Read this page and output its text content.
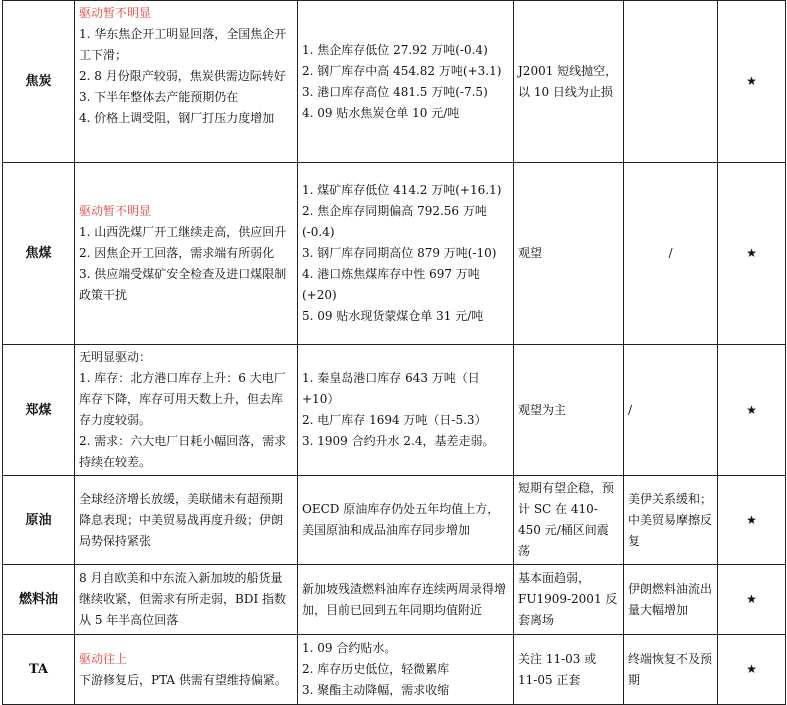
焦炭	驱动暂不明显
1. 华东焦企开工明显回落，全国焦企开工下滑；
2. 8 月份限产较弱，焦炭供需边际转好
3. 下半年整体去产能预期仍在
4. 价格上调受阻，钢厂打压力度增加	1. 焦企库存低位 27.92 万吨(-0.4)
2. 钢厂库存中高 454.82 万吨(+3.1)
3. 港口库存高位 481.5 万吨(-7.5)
4. 09 贴水焦炭仓单 10 元/吨	J2001 短线抛空，以 10 日线为止损		★
焦煤	驱动暂不明显
1. 山西洗煤厂开工继续走高，供应回升
2. 因焦企开工回落，需求端有所弱化
3. 供应端受煤矿安全检查及进口煤限制政策干扰	1. 煤矿库存低位 414.2 万吨(+16.1)
2. 焦企库存同期偏高 792.56 万吨(-0.4)
3. 钢厂库存同期高位 879 万吨(-10)
4. 港口炼焦煤库存中性 697 万吨(+20)
5. 09 贴水现货蒙煤仓单 31 元/吨	观望	/	★
郑煤	无明显驱动：
1. 库存：北方港口库存上升：6 大电厂库存下降，库存可用天数上升，但去库存力度较弱。
2. 需求：六大电厂日耗小幅回落，需求持续在较差。	1. 秦皇岛港口库存 643 万吨（日+10）
2. 电厂库存 1694 万吨（日-5.3）
3. 1909 合约升水 2.4，基差走弱。	观望为主	/	★
原油	全球经济增长放缓，美联储未有超预期降息表现；中美贸易战再度升级；伊朗局势保持紧张	OECD 原油库存仍处五年均值上方，美国原油和成品油库存同步增加	短期有望企稳，预计 SC 在 410-450 元/桶区间震荡	美伊关系缓和；中美贸易摩擦反复	★
燃料油	8 月自欧美和中东流入新加坡的船货量继续收紧，但需求有所走弱，BDI 指数从 5 年半高位回落	新加坡残渣燃料油库存连续两周录得增加，目前已回到五年同期均值附近	基本面趋弱，FU1909-2001 反套离场	伊朗燃料油流出量大幅增加	★
TA	驱动往上
下游修复后，PTA 供需有望维持偏紧。	1. 09 合约贴水。
2. 库存历史低位，轻微累库
3. 聚酯主动降幅，需求收缩	关注 11-03 或 11-05 正套	终端恢复不及预期	★
